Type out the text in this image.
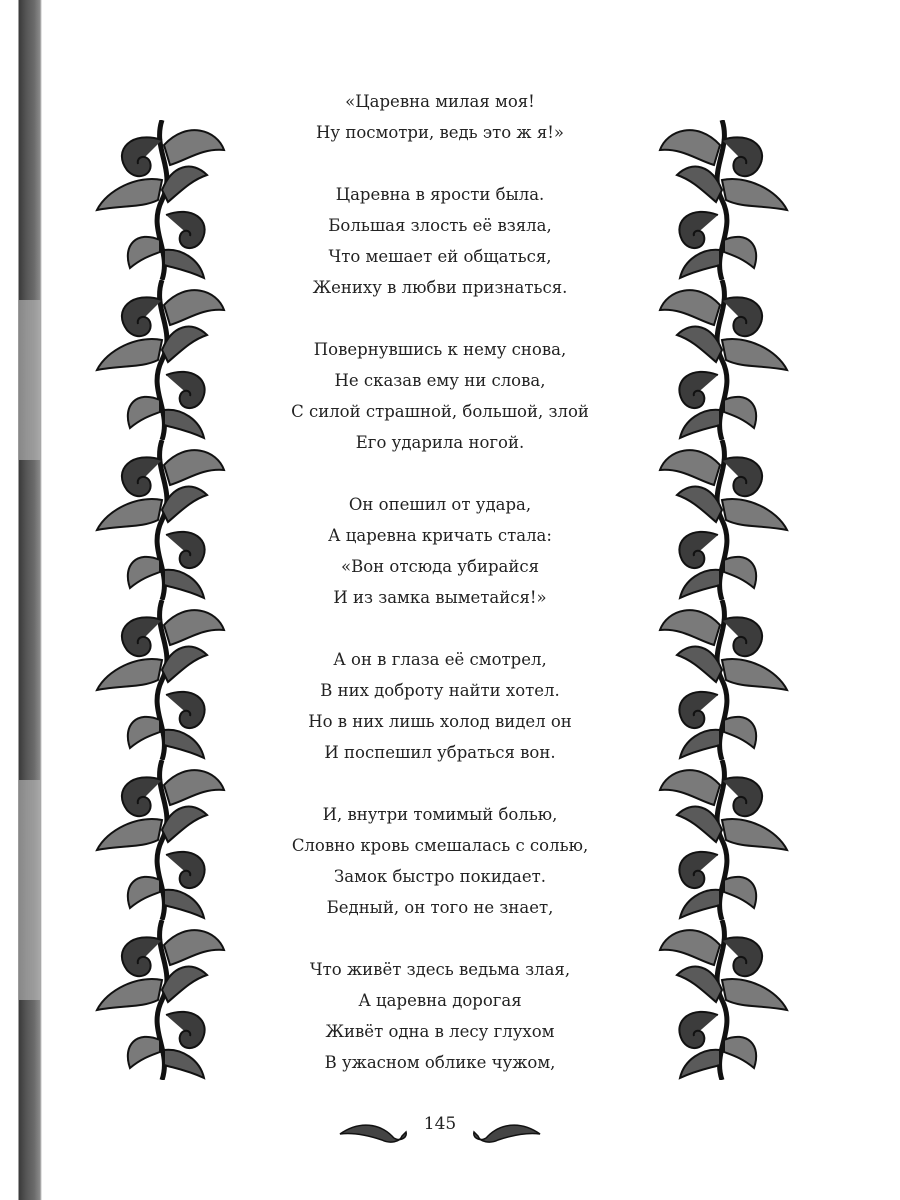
«Царевна милая моя!
Ну посмотри, ведь это ж я!»
Царевна в ярости была.
Большая злость её взяла,
Что мешает ей общаться,
Жениху в любви признаться.
Повернувшись к нему снова,
Не сказав ему ни слова,
С силой страшной, большой, злой
Его ударила ногой.
Он опешил от удара,
А царевна кричать стала:
«Вон отсюда убирайся
И из замка выметайся!»
А он в глаза её смотрел,
В них доброту найти хотел.
Но в них лишь холод видел он
И поспешил убраться вон.
И, внутри томимый болью,
Словно кровь смешалась с солью,
Замок быстро покидает.
Бедный, он того не знает,
Что живёт здесь ведьма злая,
А царевна дорогая
Живёт одна в лесу глухом
В ужасном облике чужом,
145
